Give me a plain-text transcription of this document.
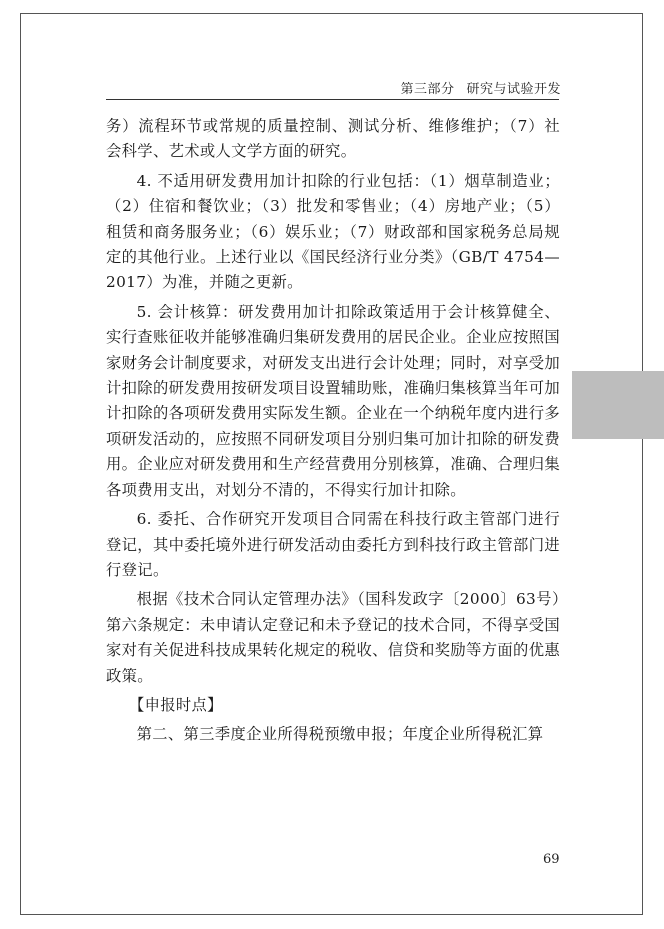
第三部分 研究与试验开发

务）流程环节或常规的质量控制、测试分析、维修维护；（7）社会科学、艺术或人文学方面的研究。

4. 不适用研发费用加计扣除的行业包括：（1）烟草制造业；（2）住宿和餐饮业；（3）批发和零售业；（4）房地产业；（5）租赁和商务服务业；（6）娱乐业；（7）财政部和国家税务总局规定的其他行业。上述行业以《国民经济行业分类》（GB/T 4754—2017）为准，并随之更新。

5. 会计核算：研发费用加计扣除政策适用于会计核算健全、实行查账征收并能够准确归集研发费用的居民企业。企业应按照国家财务会计制度要求，对研发支出进行会计处理；同时，对享受加计扣除的研发费用按研发项目设置辅助账，准确归集核算当年可加计扣除的各项研发费用实际发生额。企业在一个纳税年度内进行多项研发活动的，应按照不同研发项目分别归集可加计扣除的研发费用。企业应对研发费用和生产经营费用分别核算，准确、合理归集各项费用支出，对划分不清的，不得实行加计扣除。

6. 委托、合作研究开发项目合同需在科技行政主管部门进行登记，其中委托境外进行研发活动由委托方到科技行政主管部门进行登记。

根据《技术合同认定管理办法》（国科发政字〔2000〕63号）第六条规定：未申请认定登记和未予登记的技术合同，不得享受国家对有关促进科技成果转化规定的税收、信贷和奖励等方面的优惠政策。

【申报时点】

第二、第三季度企业所得税预缴申报；年度企业所得税汇算

69
